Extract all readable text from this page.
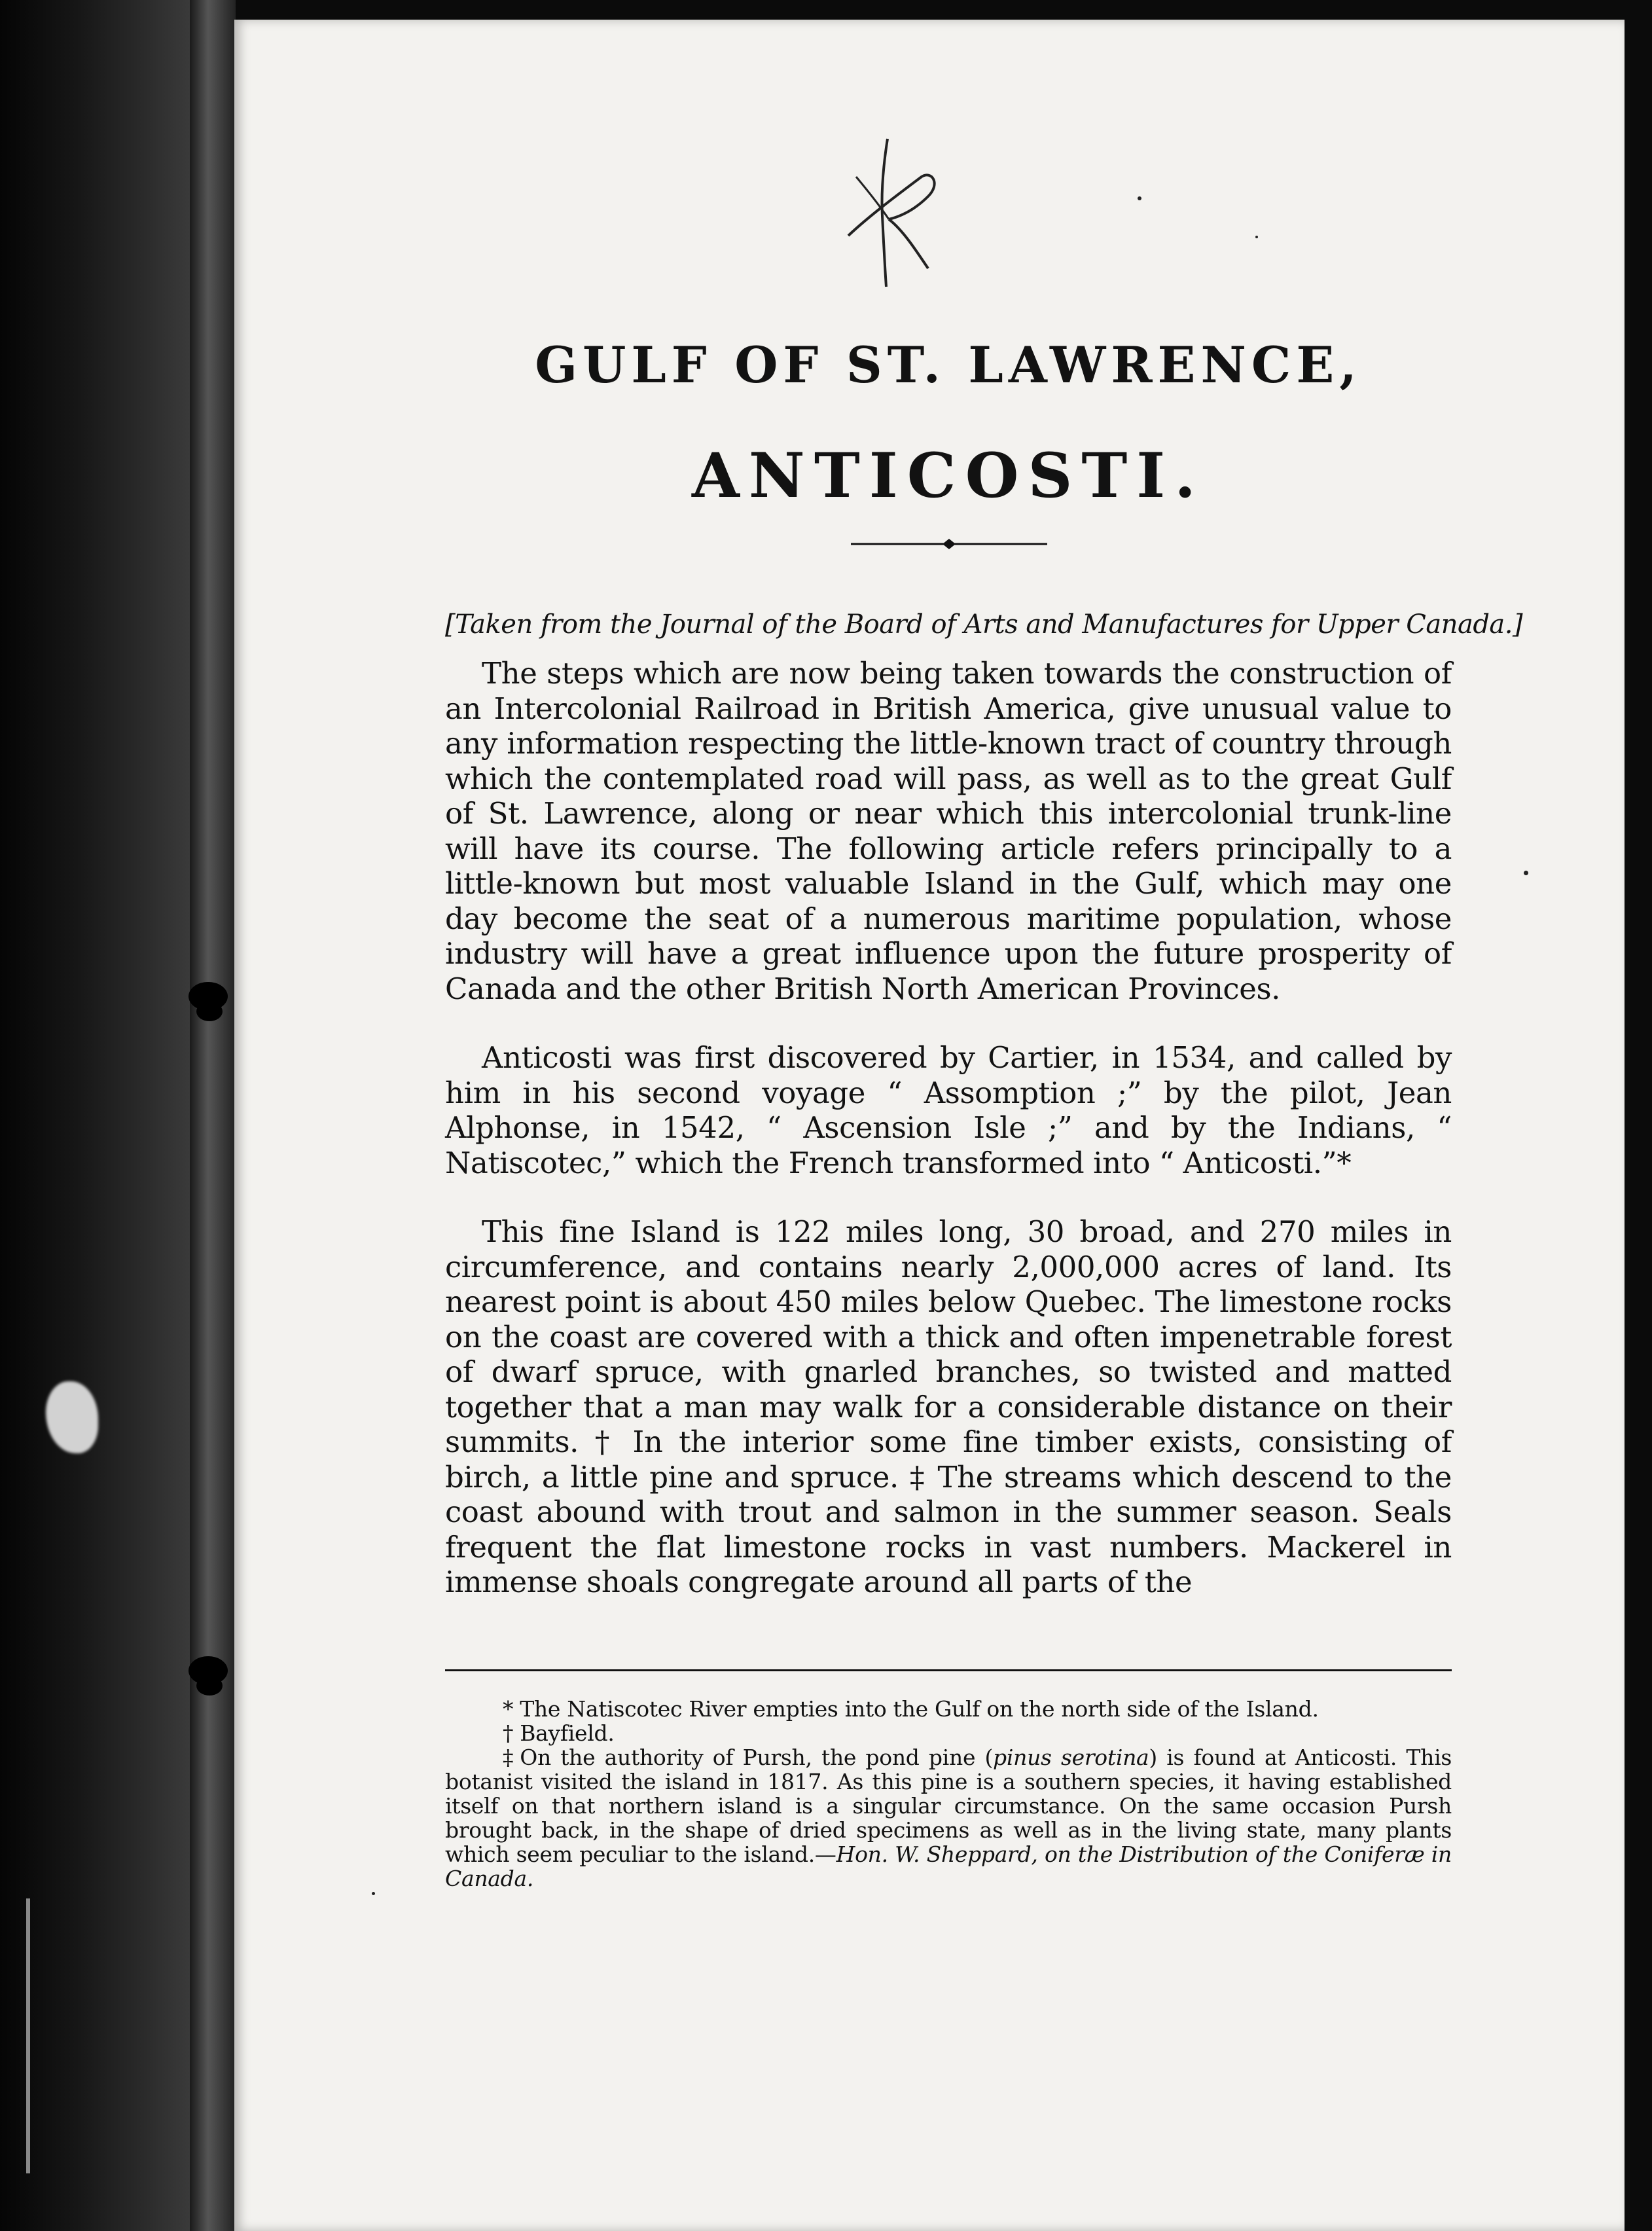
GULF OF ST. LAWRENCE,
ANTICOSTI.
[Taken from the Journal of the Board of Arts and Manufactures for Upper Canada.]

The steps which are now being taken towards the construction of an Intercolonial Railroad in British America, give unusual value to any information respecting the little-known tract of country through which the contemplated road will pass, as well as to the great Gulf of St. Lawrence, along or near which this intercolonial trunk-line will have its course. The following article refers principally to a little-known but most valuable Island in the Gulf, which may one day become the seat of a numerous maritime population, whose industry will have a great influence upon the future prosperity of Canada and the other British North American Provinces.

Anticosti was first discovered by Cartier, in 1534, and called by him in his second voyage “ Assomption ;” by the pilot, Jean Alphonse, in 1542, “ Ascension Isle ;” and by the Indians, “ Natiscotec,” which the French transformed into “ Anticosti.”*

This fine Island is 122 miles long, 30 broad, and 270 miles in circumference, and contains nearly 2,000,000 acres of land. Its nearest point is about 450 miles below Quebec. The limestone rocks on the coast are covered with a thick and often impenetrable forest of dwarf spruce, with gnarled branches, so twisted and matted together that a man may walk for a considerable distance on their summits. † In the interior some fine timber exists, consisting of birch, a little pine and spruce. ‡ The streams which descend to the coast abound with trout and salmon in the summer season. Seals frequent the flat limestone rocks in vast numbers. Mackerel in immense shoals congregate around all parts of the

* The Natiscotec River empties into the Gulf on the north side of the Island.

† Bayfield.

‡ On the authority of Pursh, the pond pine (pinus serotina) is found at Anticosti. This botanist visited the island in 1817. As this pine is a southern species, it having established itself on that northern island is a singular circumstance. On the same occasion Pursh brought back, in the shape of dried specimens as well as in the living state, many plants which seem peculiar to the island.—Hon. W. Sheppard, on the Distribution of the Coniferæ in Canada.
